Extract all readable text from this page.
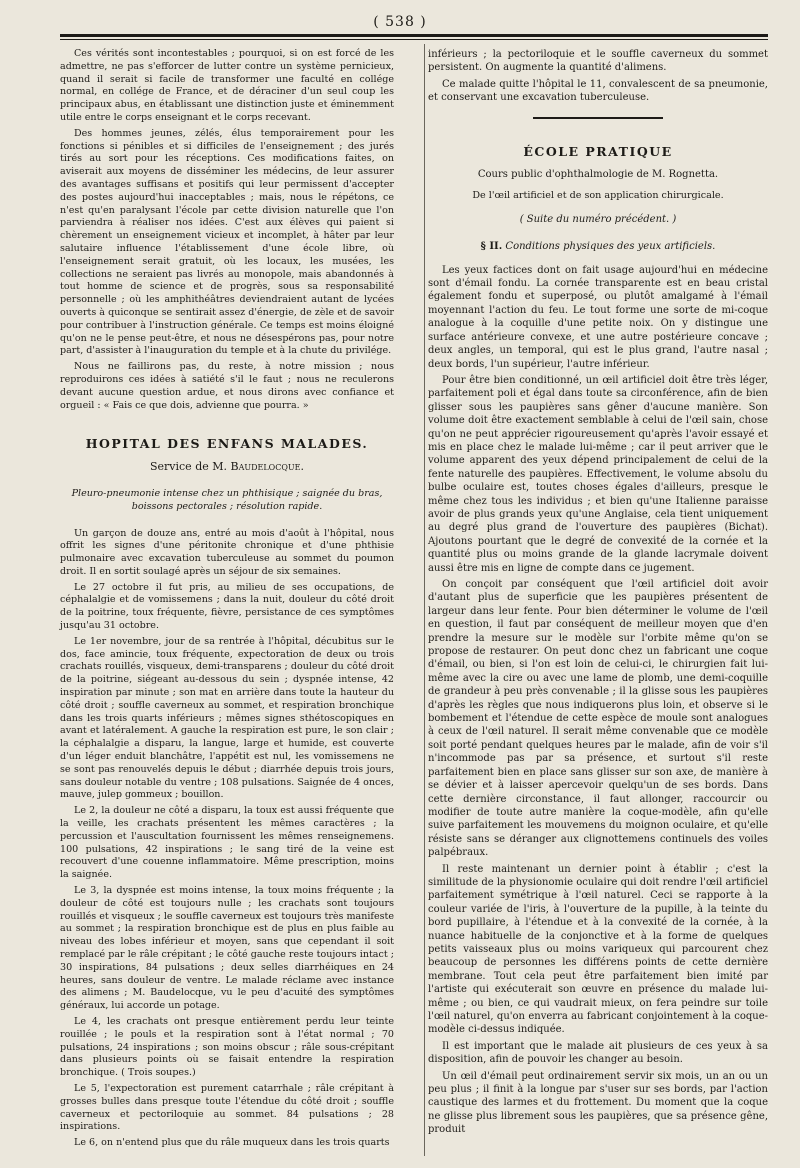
( 538 )

Ces vérités sont incontestables ; pourquoi, si on est forcé de les admettre, ne pas s'efforcer de lutter contre un système pernicieux, quand il serait si facile de transformer une faculté en collége normal, en collége de France, et de déraciner d'un seul coup les principaux abus, en établissant une distinction juste et éminemment utile entre le corps enseignant et le corps recevant.

Des hommes jeunes, zélés, élus temporairement pour les fonctions si pénibles et si difficiles de l'enseignement ; des jurés tirés au sort pour les réceptions. Ces modifications faites, on aviserait aux moyens de disséminer les médecins, de leur assurer des avantages suffisans et positifs qui leur permissent d'accepter des postes aujourd'hui inacceptables ; mais, nous le répétons, ce n'est qu'en paralysant l'école par cette division naturelle que l'on parviendra à réaliser nos idées. C'est aux élèves qui paient si chèrement un enseignement vicieux et incomplet, à hâter par leur salutaire influence l'établissement d'une école libre, où l'enseignement serait gratuit, où les locaux, les musées, les collections ne seraient pas livrés au monopole, mais abandonnés à tout homme de science et de progrès, sous sa responsabilité personnelle ; où les amphithéâtres deviendraient autant de lycées ouverts à quiconque se sentirait assez d'énergie, de zèle et de savoir pour contribuer à l'instruction générale. Ce temps est moins éloigné qu'on ne le pense peut-être, et nous ne désespérons pas, pour notre part, d'assister à l'inauguration du temple et à la chute du privilége.

Nous ne faillirons pas, du reste, à notre mission ; nous reproduirons ces idées à satiété s'il le faut ; nous ne reculerons devant aucune question ardue, et nous dirons avec confiance et orgueil : « Fais ce que dois, advienne que pourra. »

HOPITAL DES ENFANS MALADES.
Service de M. Baudelocque.
Pleuro-pneumonie intense chez un phthisique ; saignée du bras, boissons pectorales ; résolution rapide.

Un garçon de douze ans, entré au mois d'août à l'hôpital, nous offrit les signes d'une péritonite chronique et d'une phthisie pulmonaire avec excavation tuberculeuse au sommet du poumon droit. Il en sortit soulagé après un séjour de six semaines.

Le 27 octobre il fut pris, au milieu de ses occupations, de céphalalgie et de vomissemens ; dans la nuit, douleur du côté droit de la poitrine, toux fréquente, fièvre, persistance de ces symptômes jusqu'au 31 octobre.

Le 1er novembre, jour de sa rentrée à l'hôpital, décubitus sur le dos, face amincie, toux fréquente, expectoration de deux ou trois crachats rouillés, visqueux, demi-transparens ; douleur du côté droit de la poitrine, siégeant au-dessous du sein ; dyspnée intense, 42 inspiration par minute ; son mat en arrière dans toute la hauteur du côté droit ; souffle caverneux au sommet, et respiration bronchique dans les trois quarts inférieurs ; mêmes signes sthétoscopiques en avant et latéralement. A gauche la respiration est pure, le son clair ; la céphalalgie a disparu, la langue, large et humide, est couverte d'un léger enduit blanchâtre, l'appétit est nul, les vomissemens ne se sont pas renouvelés depuis le début ; diarrhée depuis trois jours, sans douleur notable du ventre ; 108 pulsations. Saignée de 4 onces, mauve, julep gommeux ; bouillon.

Le 2, la douleur ne côté a disparu, la toux est aussi fréquente que la veille, les crachats présentent les mêmes caractères ; la percussion et l'auscultation fournissent les mêmes renseignemens. 100 pulsations, 42 inspirations ; le sang tiré de la veine est recouvert d'une couenne inflammatoire. Même prescription, moins la saignée.

Le 3, la dyspnée est moins intense, la toux moins fréquente ; la douleur de côté est toujours nulle ; les crachats sont toujours rouillés et visqueux ; le souffle caverneux est toujours très manifeste au sommet ; la respiration bronchique est de plus en plus faible au niveau des lobes inférieur et moyen, sans que cependant il soit remplacé par le râle crépitant ; le côté gauche reste toujours intact ; 30 inspirations, 84 pulsations ; deux selles diarrhéiques en 24 heures, sans douleur de ventre. Le malade réclame avec instance des alimens ; M. Baudelocque, vu le peu d'acuité des symptômes généraux, lui accorde un potage.

Le 4, les crachats ont presque entièrement perdu leur teinte rouillée ; le pouls et la respiration sont à l'état normal ; 70 pulsations, 24 inspirations ; son moins obscur ; râle sous-crépitant dans plusieurs points où se faisait entendre la respiration bronchique. ( Trois soupes.)

Le 5, l'expectoration est purement catarrhale ; râle crépitant à grosses bulles dans presque toute l'étendue du côté droit ; souffle caverneux et pectoriloquie au sommet. 84 pulsations ; 28 inspirations.

Le 6, on n'entend plus que du râle muqueux dans les trois quarts

inférieurs ; la pectoriloquie et le souffle caverneux du sommet persistent. On augmente la quantité d'alimens.

Ce malade quitte l'hôpital le 11, convalescent de sa pneumonie, et conservant une excavation tuberculeuse.

ÉCOLE PRATIQUE
Cours public d'ophthalmologie de M. Rognetta.
De l'œil artificiel et de son application chirurgicale.
( Suite du numéro précédent. )
§ II. Conditions physiques des yeux artificiels.

Les yeux factices dont on fait usage aujourd'hui en médecine sont d'émail fondu. La cornée transparente est en beau cristal également fondu et superposé, ou plutôt amalgamé à l'émail moyennant l'action du feu. Le tout forme une sorte de mi-coque analogue à la coquille d'une petite noix. On y distingue une surface antérieure convexe, et une autre postérieure concave ; deux angles, un temporal, qui est le plus grand, l'autre nasal ; deux bords, l'un supérieur, l'autre inférieur.

Pour être bien conditionné, un œil artificiel doit être très léger, parfaitement poli et égal dans toute sa circonférence, afin de bien glisser sous les paupières sans gêner d'aucune manière. Son volume doit être exactement semblable à celui de l'œil sain, chose qu'on ne peut apprécier rigoureusement qu'après l'avoir essayé et mis en place chez le malade lui-même ; car il peut arriver que le volume apparent des yeux dépend principalement de celui de la fente naturelle des paupières. Effectivement, le volume absolu du bulbe oculaire est, toutes choses égales d'ailleurs, presque le même chez tous les individus ; et bien qu'une Italienne paraisse avoir de plus grands yeux qu'une Anglaise, cela tient uniquement au degré plus grand de l'ouverture des paupières (Bichat). Ajoutons pourtant que le degré de convexité de la cornée et la quantité plus ou moins grande de la glande lacrymale doivent aussi être mis en ligne de compte dans ce jugement.

On conçoit par conséquent que l'œil artificiel doit avoir d'autant plus de superficie que les paupières présentent de largeur dans leur fente. Pour bien déterminer le volume de l'œil en question, il faut par conséquent de meilleur moyen que d'en prendre la mesure sur le modèle sur l'orbite même qu'on se propose de restaurer. On peut donc chez un fabricant une coque d'émail, ou bien, si l'on est loin de celui-ci, le chirurgien fait lui-même avec la cire ou avec une lame de plomb, une demi-coquille de grandeur à peu près convenable ; il la glisse sous les paupières d'après les règles que nous indiquerons plus loin, et observe si le bombement et l'étendue de cette espèce de moule sont analogues à ceux de l'œil naturel. Il serait même convenable que ce modèle soit porté pendant quelques heures par le malade, afin de voir s'il n'incommode pas par sa présence, et surtout s'il reste parfaitement bien en place sans glisser sur son axe, de manière à se dévier et à laisser apercevoir quelqu'un de ses bords. Dans cette dernière circonstance, il faut allonger, raccourcir ou modifier de toute autre manière la coque-modèle, afin qu'elle suive parfaitement les mouvemens du moignon oculaire, et qu'elle résiste sans se déranger aux clignottemens continuels des voiles palpébraux.

Il reste maintenant un dernier point à établir ; c'est la similitude de la physionomie oculaire qui doit rendre l'œil artificiel parfaitement symétrique à l'œil naturel. Ceci se rapporte à la couleur variée de l'iris, à l'ouverture de la pupille, à la teinte du bord pupillaire, à l'étendue et à la convexité de la cornée, à la nuance habituelle de la conjonctive et à la forme de quelques petits vaisseaux plus ou moins variqueux qui parcourent chez beaucoup de personnes les différens points de cette dernière membrane. Tout cela peut être parfaitement bien imité par l'artiste qui exécuterait son œuvre en présence du malade lui-même ; ou bien, ce qui vaudrait mieux, on fera peindre sur toile l'œil naturel, qu'on enverra au fabricant conjointement à la coque-modèle ci-dessus indiquée.

Il est important que le malade ait plusieurs de ces yeux à sa disposition, afin de pouvoir les changer au besoin.

Un œil d'émail peut ordinairement servir six mois, un an ou un peu plus ; il finit à la longue par s'user sur ses bords, par l'action caustique des larmes et du frottement. Du moment que la coque ne glisse plus librement sous les paupières, que sa présence gêne, produit
